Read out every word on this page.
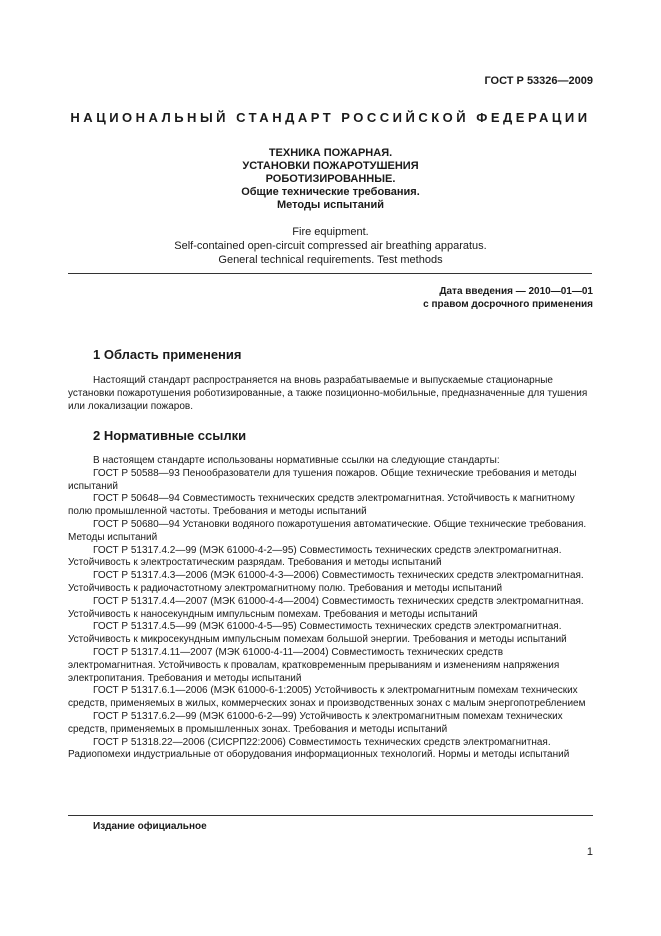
ГОСТ Р 53326—2009
НАЦИОНАЛЬНЫЙ СТАНДАРТ РОССИЙСКОЙ ФЕДЕРАЦИИ
ТЕХНИКА ПОЖАРНАЯ.
УСТАНОВКИ ПОЖАРОТУШЕНИЯ
РОБОТИЗИРОВАННЫЕ.
Общие технические требования.
Методы испытаний
Fire equipment.
Self-contained open-circuit compressed air breathing apparatus.
General technical requirements. Test methods
Дата введения — 2010—01—01
с правом досрочного применения
1 Область применения

Настоящий стандарт распространяется на вновь разрабатываемые и выпускаемые стационарные установки пожаротушения роботизированные, а также позиционно-мобильные, предназначенные для тушения или локализации пожаров.

2 Нормативные ссылки

В настоящем стандарте использованы нормативные ссылки на следующие стандарты:

ГОСТ Р 50588—93 Пенообразователи для тушения пожаров. Общие технические требования и методы испытаний

ГОСТ Р 50648—94 Совместимость технических средств электромагнитная. Устойчивость к магнитному полю промышленной частоты. Требования и методы испытаний

ГОСТ Р 50680—94 Установки водяного пожаротушения автоматические. Общие технические требования. Методы испытаний

ГОСТ Р 51317.4.2—99 (МЭК 61000-4-2—95) Совместимость технических средств электромагнитная. Устойчивость к электростатическим разрядам. Требования и методы испытаний

ГОСТ Р 51317.4.3—2006 (МЭК 61000-4-3—2006) Совместимость технических средств электромагнитная. Устойчивость к радиочастотному электромагнитному полю. Требования и методы испытаний

ГОСТ Р 51317.4.4—2007 (МЭК 61000-4-4—2004) Совместимость технических средств электромагнитная. Устойчивость к наносекундным импульсным помехам. Требования и методы испытаний

ГОСТ Р 51317.4.5—99 (МЭК 61000-4-5—95) Совместимость технических средств электромагнитная. Устойчивость к микросекундным импульсным помехам большой энергии. Требования и методы испытаний

ГОСТ Р 51317.4.11—2007 (МЭК 61000-4-11—2004) Совместимость технических средств электромагнитная. Устойчивость к провалам, кратковременным прерываниям и изменениям напряжения электропитания. Требования и методы испытаний

ГОСТ Р 51317.6.1—2006 (МЭК 61000-6-1:2005) Устойчивость к электромагнитным помехам технических средств, применяемых в жилых, коммерческих зонах и производственных зонах с малым энергопотреблением

ГОСТ Р 51317.6.2—99 (МЭК 61000-6-2—99) Устойчивость к электромагнитным помехам технических средств, применяемых в промышленных зонах. Требования и методы испытаний

ГОСТ Р 51318.22—2006 (СИСРП22:2006) Совместимость технических средств электромагнитная. Радиопомехи индустриальные от оборудования информационных технологий. Нормы и методы испытаний

Издание официальное
1
